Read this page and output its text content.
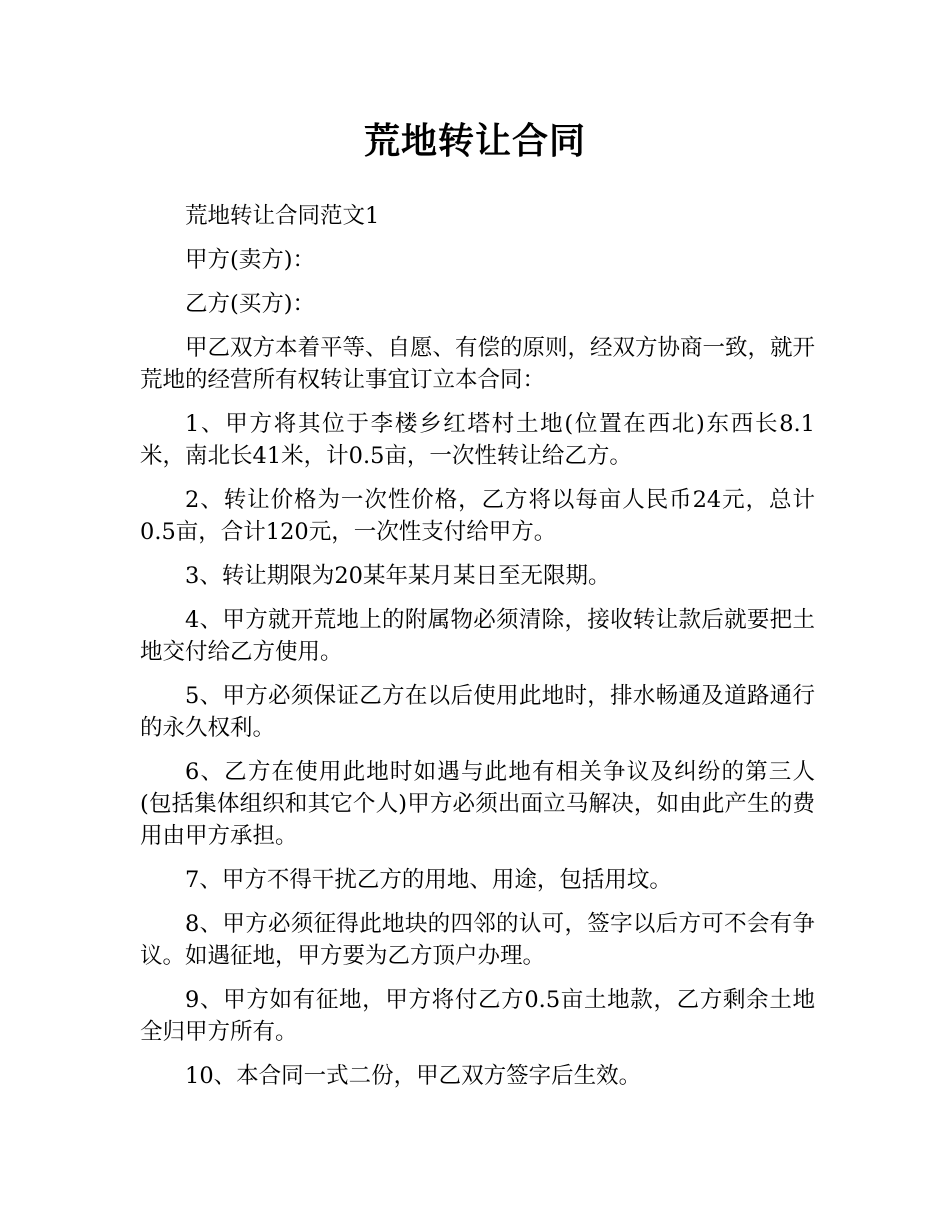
荒地转让合同

荒地转让合同范文1

甲方(卖方)：

乙方(买方)：

甲乙双方本着平等、自愿、有偿的原则，经双方协商一致，就开荒地的经营所有权转让事宜订立本合同：

1、甲方将其位于李楼乡红塔村土地(位置在西北)东西长8.1米，南北长41米，计0.5亩，一次性转让给乙方。

2、转让价格为一次性价格，乙方将以每亩人民币24元，总计0.5亩，合计120元，一次性支付给甲方。

3、转让期限为20某年某月某日至无限期。

4、甲方就开荒地上的附属物必须清除，接收转让款后就要把土地交付给乙方使用。

5、甲方必须保证乙方在以后使用此地时，排水畅通及道路通行的永久权利。

6、乙方在使用此地时如遇与此地有相关争议及纠纷的第三人(包括集体组织和其它个人)甲方必须出面立马解决，如由此产生的费用由甲方承担。

7、甲方不得干扰乙方的用地、用途，包括用坟。

8、甲方必须征得此地块的四邻的认可，签字以后方可不会有争议。如遇征地，甲方要为乙方顶户办理。

9、甲方如有征地，甲方将付乙方0.5亩土地款，乙方剩余土地全归甲方所有。

10、本合同一式二份，甲乙双方签字后生效。
